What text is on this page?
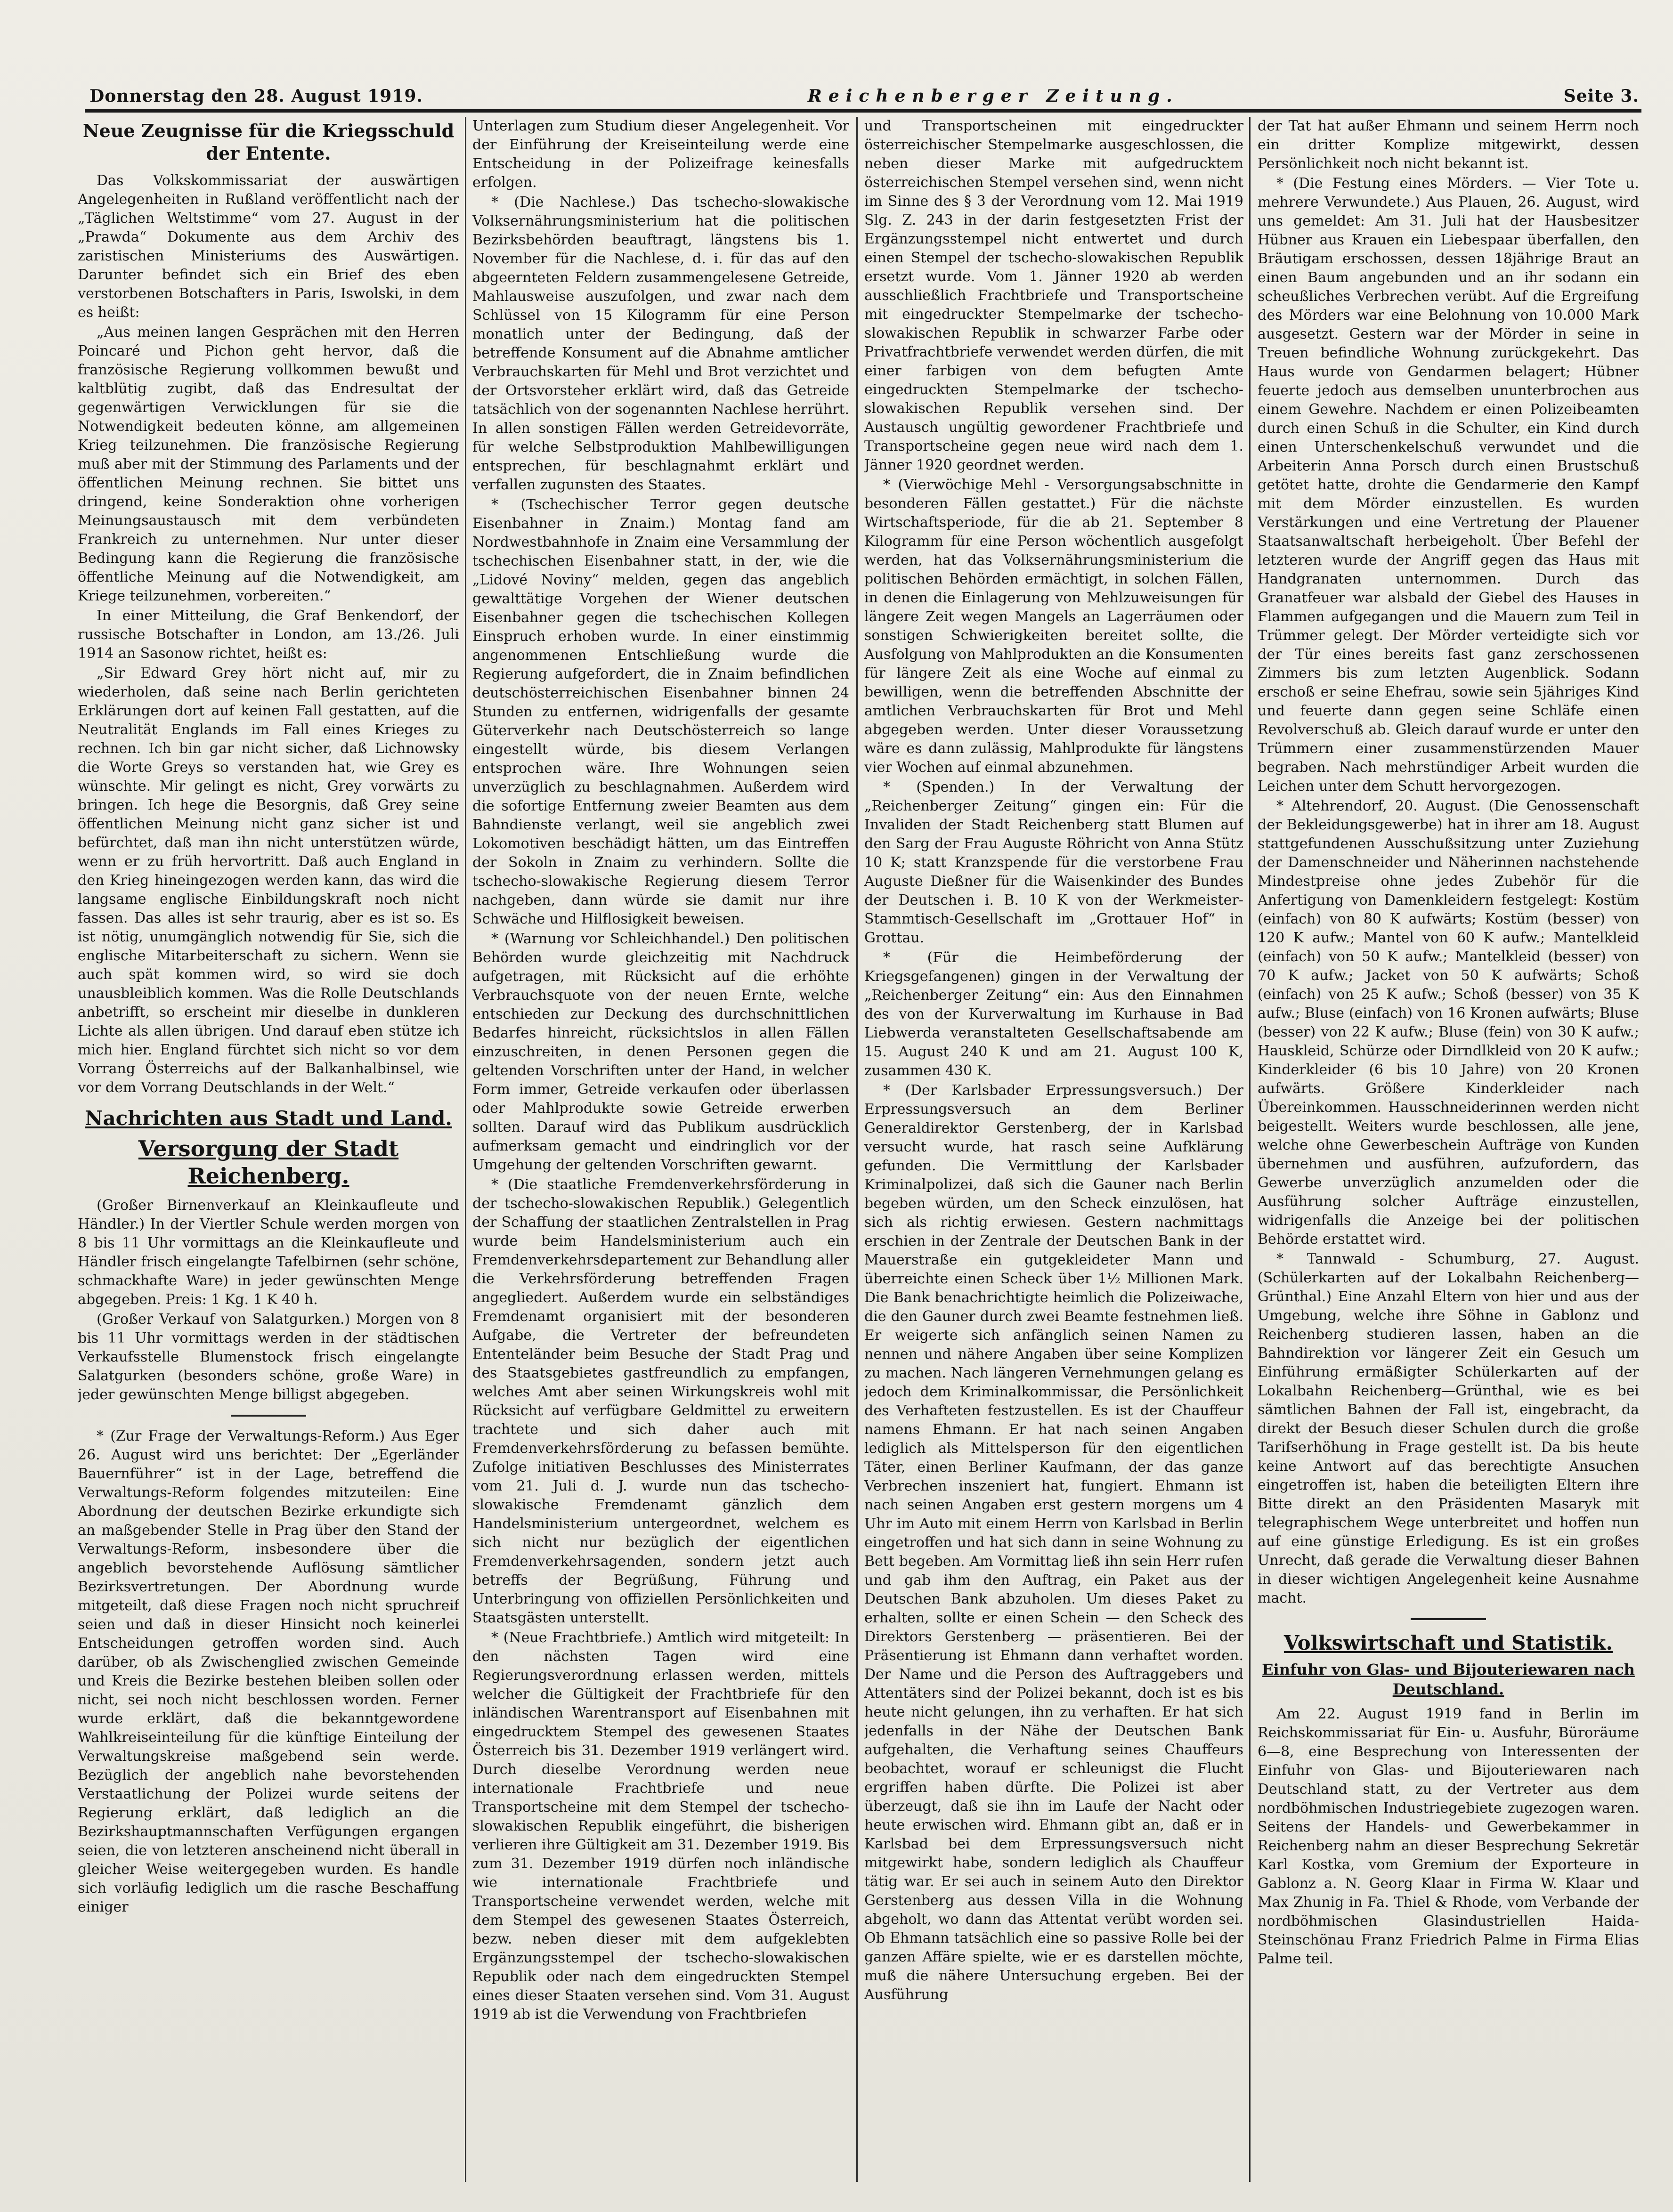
Donnerstag den 28. August 1919.	Reichenberger Zeitung.	Seite 3.
Neue Zeugnisse für die Kriegsschuld der Entente.

Das Volkskommissariat der auswärtigen Angelegenheiten in Rußland veröffentlicht nach der „Täglichen Weltstimme“ vom 27. August in der „Prawda“ Dokumente aus dem Archiv des zaristischen Ministeriums des Auswärtigen. Darunter befindet sich ein Brief des eben verstorbenen Botschafters in Paris, Iswolski, in dem es heißt:

„Aus meinen langen Gesprächen mit den Herren Poincaré und Pichon geht hervor, daß die französische Regierung vollkommen bewußt und kaltblütig zugibt, daß das Endresultat der gegenwärtigen Verwicklungen für sie die Notwendigkeit bedeuten könne, am allgemeinen Krieg teilzunehmen. Die französische Regierung muß aber mit der Stimmung des Parlaments und der öffentlichen Meinung rechnen. Sie bittet uns dringend, keine Sonderaktion ohne vorherigen Meinungsaustausch mit dem verbündeten Frankreich zu unternehmen. Nur unter dieser Bedingung kann die Regierung die französische öffentliche Meinung auf die Notwendigkeit, am Kriege teilzunehmen, vorbereiten.“

In einer Mitteilung, die Graf Benkendorf, der russische Botschafter in London, am 13./26. Juli 1914 an Sasonow richtet, heißt es:

„Sir Edward Grey hört nicht auf, mir zu wiederholen, daß seine nach Berlin gerichteten Erklärungen dort auf keinen Fall gestatten, auf die Neutralität Englands im Fall eines Krieges zu rechnen. Ich bin gar nicht sicher, daß Lichnowsky die Worte Greys so verstanden hat, wie Grey es wünschte. Mir gelingt es nicht, Grey vorwärts zu bringen. Ich hege die Besorgnis, daß Grey seine öffentlichen Meinung nicht ganz sicher ist und befürchtet, daß man ihn nicht unterstützen würde, wenn er zu früh hervortritt. Daß auch England in den Krieg hineingezogen werden kann, das wird die langsame englische Einbildungskraft noch nicht fassen. Das alles ist sehr traurig, aber es ist so. Es ist nötig, unumgänglich notwendig für Sie, sich die englische Mitarbeiterschaft zu sichern. Wenn sie auch spät kommen wird, so wird sie doch unausbleiblich kommen. Was die Rolle Deutschlands anbetrifft, so erscheint mir dieselbe in dunkleren Lichte als allen übrigen. Und darauf eben stütze ich mich hier. England fürchtet sich nicht so vor dem Vorrang Österreichs auf der Balkanhalbinsel, wie vor dem Vorrang Deutschlands in der Welt.“

Nachrichten aus Stadt und Land.
Versorgung der Stadt Reichenberg.

(Großer Birnenverkauf an Kleinkaufleute und Händler.) In der Viertler Schule werden morgen von 8 bis 11 Uhr vormittags an die Kleinkaufleute und Händler frisch eingelangte Tafelbirnen (sehr schöne, schmackhafte Ware) in jeder gewünschten Menge abgegeben. Preis: 1 Kg. 1 K 40 h.

(Großer Verkauf von Salatgurken.) Morgen von 8 bis 11 Uhr vormittags werden in der städtischen Verkaufsstelle Blumenstock frisch eingelangte Salatgurken (besonders schöne, große Ware) in jeder gewünschten Menge billigst abgegeben.

* (Zur Frage der Verwaltungs-Reform.) Aus Eger 26. August wird uns berichtet: Der „Egerländer Bauernführer“ ist in der Lage, betreffend die Verwaltungs-Reform folgendes mitzuteilen: Eine Abordnung der deutschen Bezirke erkundigte sich an maßgebender Stelle in Prag über den Stand der Verwaltungs-Reform, insbesondere über die angeblich bevorstehende Auflösung sämtlicher Bezirksvertretungen. Der Abordnung wurde mitgeteilt, daß diese Fragen noch nicht spruchreif seien und daß in dieser Hinsicht noch keinerlei Entscheidungen getroffen worden sind. Auch darüber, ob als Zwischenglied zwischen Gemeinde und Kreis die Bezirke bestehen bleiben sollen oder nicht, sei noch nicht beschlossen worden. Ferner wurde erklärt, daß die bekanntgewordene Wahlkreiseinteilung für die künftige Einteilung der Verwaltungskreise maßgebend sein werde. Bezüglich der angeblich nahe bevorstehenden Verstaatlichung der Polizei wurde seitens der Regierung erklärt, daß lediglich an die Bezirkshauptmannschaften Verfügungen ergangen seien, die von letzteren anscheinend nicht überall in gleicher Weise weitergegeben wurden. Es handle sich vorläufig lediglich um die rasche Beschaffung einiger

Unterlagen zum Studium dieser Angelegenheit. Vor der Einführung der Kreiseinteilung werde eine Entscheidung in der Polizeifrage keinesfalls erfolgen.

* (Die Nachlese.) Das tschecho-slowakische Volksernährungsministerium hat die politischen Bezirksbehörden beauftragt, längstens bis 1. November für die Nachlese, d. i. für das auf den abgeernteten Feldern zusammengelesene Getreide, Mahlausweise auszufolgen, und zwar nach dem Schlüssel von 15 Kilogramm für eine Person monatlich unter der Bedingung, daß der betreffende Konsument auf die Abnahme amtlicher Verbrauchskarten für Mehl und Brot verzichtet und der Ortsvorsteher erklärt wird, daß das Getreide tatsächlich von der sogenannten Nachlese herrührt. In allen sonstigen Fällen werden Getreidevorräte, für welche Selbstproduktion Mahlbewilligungen entsprechen, für beschlagnahmt erklärt und verfallen zugunsten des Staates.

* (Tschechischer Terror gegen deutsche Eisenbahner in Znaim.) Montag fand am Nordwestbahnhofe in Znaim eine Versammlung der tschechischen Eisenbahner statt, in der, wie die „Lidové Noviny“ melden, gegen das angeblich gewalttätige Vorgehen der Wiener deutschen Eisenbahner gegen die tschechischen Kollegen Einspruch erhoben wurde. In einer einstimmig angenommenen Entschließung wurde die Regierung aufgefordert, die in Znaim befindlichen deutschösterreichischen Eisenbahner binnen 24 Stunden zu entfernen, widrigenfalls der gesamte Güterverkehr nach Deutschösterreich so lange eingestellt würde, bis diesem Verlangen entsprochen wäre. Ihre Wohnungen seien unverzüglich zu beschlagnahmen. Außerdem wird die sofortige Entfernung zweier Beamten aus dem Bahndienste verlangt, weil sie angeblich zwei Lokomotiven beschädigt hätten, um das Eintreffen der Sokoln in Znaim zu verhindern. Sollte die tschecho-slowakische Regierung diesem Terror nachgeben, dann würde sie damit nur ihre Schwäche und Hilflosigkeit beweisen.

* (Warnung vor Schleichhandel.) Den politischen Behörden wurde gleichzeitig mit Nachdruck aufgetragen, mit Rücksicht auf die erhöhte Verbrauchsquote von der neuen Ernte, welche entschieden zur Deckung des durchschnittlichen Bedarfes hinreicht, rücksichtslos in allen Fällen einzuschreiten, in denen Personen gegen die geltenden Vorschriften unter der Hand, in welcher Form immer, Getreide verkaufen oder überlassen oder Mahlprodukte sowie Getreide erwerben sollten. Darauf wird das Publikum ausdrücklich aufmerksam gemacht und eindringlich vor der Umgehung der geltenden Vorschriften gewarnt.

* (Die staatliche Fremdenverkehrsförderung in der tschecho-slowakischen Republik.) Gelegentlich der Schaffung der staatlichen Zentralstellen in Prag wurde beim Handelsministerium auch ein Fremdenverkehrsdepartement zur Behandlung aller die Verkehrsförderung betreffenden Fragen angegliedert. Außerdem wurde ein selbständiges Fremdenamt organisiert mit der besonderen Aufgabe, die Vertreter der befreundeten Ententeländer beim Besuche der Stadt Prag und des Staatsgebietes gastfreundlich zu empfangen, welches Amt aber seinen Wirkungskreis wohl mit Rücksicht auf verfügbare Geldmittel zu erweitern trachtete und sich daher auch mit Fremdenverkehrsförderung zu befassen bemühte. Zufolge initiativen Beschlusses des Ministerrates vom 21. Juli d. J. wurde nun das tschecho-slowakische Fremdenamt gänzlich dem Handelsministerium untergeordnet, welchem es sich nicht nur bezüglich der eigentlichen Fremdenverkehrsagenden, sondern jetzt auch betreffs der Begrüßung, Führung und Unterbringung von offiziellen Persönlichkeiten und Staatsgästen unterstellt.

* (Neue Frachtbriefe.) Amtlich wird mitgeteilt: In den nächsten Tagen wird eine Regierungsverordnung erlassen werden, mittels welcher die Gültigkeit der Frachtbriefe für den inländischen Warentransport auf Eisenbahnen mit eingedrucktem Stempel des gewesenen Staates Österreich bis 31. Dezember 1919 verlängert wird. Durch dieselbe Verordnung werden neue internationale Frachtbriefe und neue Transportscheine mit dem Stempel der tschecho-slowakischen Republik eingeführt, die bisherigen verlieren ihre Gültigkeit am 31. Dezember 1919. Bis zum 31. Dezember 1919 dürfen noch inländische wie internationale Frachtbriefe und Transportscheine verwendet werden, welche mit dem Stempel des gewesenen Staates Österreich, bezw. neben dieser mit dem aufgeklebten Ergänzungsstempel der tschecho-slowakischen Republik oder nach dem eingedruckten Stempel eines dieser Staaten versehen sind. Vom 31. August 1919 ab ist die Verwendung von Frachtbriefen

und Transportscheinen mit eingedruckter österreichischer Stempelmarke ausgeschlossen, die neben dieser Marke mit aufgedrucktem österreichischen Stempel versehen sind, wenn nicht im Sinne des § 3 der Verordnung vom 12. Mai 1919 Slg. Z. 243 in der darin festgesetzten Frist der Ergänzungsstempel nicht entwertet und durch einen Stempel der tschecho-slowakischen Republik ersetzt wurde. Vom 1. Jänner 1920 ab werden ausschließlich Frachtbriefe und Transportscheine mit eingedruckter Stempelmarke der tschecho-slowakischen Republik in schwarzer Farbe oder Privatfrachtbriefe verwendet werden dürfen, die mit einer farbigen von dem befugten Amte eingedruckten Stempelmarke der tschecho-slowakischen Republik versehen sind. Der Austausch ungültig gewordener Frachtbriefe und Transportscheine gegen neue wird nach dem 1. Jänner 1920 geordnet werden.

* (Vierwöchige Mehl - Versorgungsabschnitte in besonderen Fällen gestattet.) Für die nächste Wirtschaftsperiode, für die ab 21. September 8 Kilogramm für eine Person wöchentlich ausgefolgt werden, hat das Volksernährungsministerium die politischen Behörden ermächtigt, in solchen Fällen, in denen die Einlagerung von Mehlzuweisungen für längere Zeit wegen Mangels an Lagerräumen oder sonstigen Schwierigkeiten bereitet sollte, die Ausfolgung von Mahlprodukten an die Konsumenten für längere Zeit als eine Woche auf einmal zu bewilligen, wenn die betreffenden Abschnitte der amtlichen Verbrauchskarten für Brot und Mehl abgegeben werden. Unter dieser Voraussetzung wäre es dann zulässig, Mahlprodukte für längstens vier Wochen auf einmal abzunehmen.

* (Spenden.) In der Verwaltung der „Reichenberger Zeitung“ gingen ein: Für die Invaliden der Stadt Reichenberg statt Blumen auf den Sarg der Frau Auguste Röhricht von Anna Stütz 10 K; statt Kranzspende für die verstorbene Frau Auguste Dießner für die Waisenkinder des Bundes der Deutschen i. B. 10 K von der Werkmeister-Stammtisch-Gesellschaft im „Grottauer Hof“ in Grottau.

* (Für die Heimbeförderung der Kriegsgefangenen) gingen in der Verwaltung der „Reichenberger Zeitung“ ein: Aus den Einnahmen des von der Kurverwaltung im Kurhause in Bad Liebwerda veranstalteten Gesellschaftsabende am 15. August 240 K und am 21. August 100 K, zusammen 430 K.

* (Der Karlsbader Erpressungsversuch.) Der Erpressungsversuch an dem Berliner Generaldirektor Gerstenberg, der in Karlsbad versucht wurde, hat rasch seine Aufklärung gefunden. Die Vermittlung der Karlsbader Kriminalpolizei, daß sich die Gauner nach Berlin begeben würden, um den Scheck einzulösen, hat sich als richtig erwiesen. Gestern nachmittags erschien in der Zentrale der Deutschen Bank in der Mauerstraße ein gutgekleideter Mann und überreichte einen Scheck über 1½ Millionen Mark. Die Bank benachrichtigte heimlich die Polizeiwache, die den Gauner durch zwei Beamte festnehmen ließ. Er weigerte sich anfänglich seinen Namen zu nennen und nähere Angaben über seine Komplizen zu machen. Nach längeren Vernehmungen gelang es jedoch dem Kriminalkommissar, die Persönlichkeit des Verhafteten festzustellen. Es ist der Chauffeur namens Ehmann. Er hat nach seinen Angaben lediglich als Mittelsperson für den eigentlichen Täter, einen Berliner Kaufmann, der das ganze Verbrechen inszeniert hat, fungiert. Ehmann ist nach seinen Angaben erst gestern morgens um 4 Uhr im Auto mit einem Herrn von Karlsbad in Berlin eingetroffen und hat sich dann in seine Wohnung zu Bett begeben. Am Vormittag ließ ihn sein Herr rufen und gab ihm den Auftrag, ein Paket aus der Deutschen Bank abzuholen. Um dieses Paket zu erhalten, sollte er einen Schein — den Scheck des Direktors Gerstenberg — präsentieren. Bei der Präsentierung ist Ehmann dann verhaftet worden. Der Name und die Person des Auftraggebers und Attentäters sind der Polizei bekannt, doch ist es bis heute nicht gelungen, ihn zu verhaften. Er hat sich jedenfalls in der Nähe der Deutschen Bank aufgehalten, die Verhaftung seines Chauffeurs beobachtet, worauf er schleunigst die Flucht ergriffen haben dürfte. Die Polizei ist aber überzeugt, daß sie ihn im Laufe der Nacht oder heute erwischen wird. Ehmann gibt an, daß er in Karlsbad bei dem Erpressungsversuch nicht mitgewirkt habe, sondern lediglich als Chauffeur tätig war. Er sei auch in seinem Auto den Direktor Gerstenberg aus dessen Villa in die Wohnung abgeholt, wo dann das Attentat verübt worden sei. Ob Ehmann tatsächlich eine so passive Rolle bei der ganzen Affäre spielte, wie er es darstellen möchte, muß die nähere Untersuchung ergeben. Bei der Ausführung

der Tat hat außer Ehmann und seinem Herrn noch ein dritter Komplize mitgewirkt, dessen Persönlichkeit noch nicht bekannt ist.

* (Die Festung eines Mörders. — Vier Tote u. mehrere Verwundete.) Aus Plauen, 26. August, wird uns gemeldet: Am 31. Juli hat der Hausbesitzer Hübner aus Krauen ein Liebespaar überfallen, den Bräutigam erschossen, dessen 18jährige Braut an einen Baum angebunden und an ihr sodann ein scheußliches Verbrechen verübt. Auf die Ergreifung des Mörders war eine Belohnung von 10.000 Mark ausgesetzt. Gestern war der Mörder in seine in Treuen befindliche Wohnung zurückgekehrt. Das Haus wurde von Gendarmen belagert; Hübner feuerte jedoch aus demselben ununterbrochen aus einem Gewehre. Nachdem er einen Polizeibeamten durch einen Schuß in die Schulter, ein Kind durch einen Unterschenkelschuß verwundet und die Arbeiterin Anna Porsch durch einen Brustschuß getötet hatte, drohte die Gendarmerie den Kampf mit dem Mörder einzustellen. Es wurden Verstärkungen und eine Vertretung der Plauener Staatsanwaltschaft herbeigeholt. Über Befehl der letzteren wurde der Angriff gegen das Haus mit Handgranaten unternommen. Durch das Granatfeuer war alsbald der Giebel des Hauses in Flammen aufgegangen und die Mauern zum Teil in Trümmer gelegt. Der Mörder verteidigte sich vor der Tür eines bereits fast ganz zerschossenen Zimmers bis zum letzten Augenblick. Sodann erschoß er seine Ehefrau, sowie sein 5jähriges Kind und feuerte dann gegen seine Schläfe einen Revolverschuß ab. Gleich darauf wurde er unter den Trümmern einer zusammenstürzenden Mauer begraben. Nach mehrstündiger Arbeit wurden die Leichen unter dem Schutt hervorgezogen.

* Altehrendorf, 20. August. (Die Genossenschaft der Bekleidungsgewerbe) hat in ihrer am 18. August stattgefundenen Ausschußsitzung unter Zuziehung der Damenschneider und Näherinnen nachstehende Mindestpreise ohne jedes Zubehör für die Anfertigung von Damenkleidern festgelegt: Kostüm (einfach) von 80 K aufwärts; Kostüm (besser) von 120 K aufw.; Mantel von 60 K aufw.; Mantelkleid (einfach) von 50 K aufw.; Mantelkleid (besser) von 70 K aufw.; Jacket von 50 K aufwärts; Schoß (einfach) von 25 K aufw.; Schoß (besser) von 35 K aufw.; Bluse (einfach) von 16 Kronen aufwärts; Bluse (besser) von 22 K aufw.; Bluse (fein) von 30 K aufw.; Hauskleid, Schürze oder Dirndlkleid von 20 K aufw.; Kinderkleider (6 bis 10 Jahre) von 20 Kronen aufwärts. Größere Kinderkleider nach Übereinkommen. Hausschneiderinnen werden nicht beigestellt. Weiters wurde beschlossen, alle jene, welche ohne Gewerbeschein Aufträge von Kunden übernehmen und ausführen, aufzufordern, das Gewerbe unverzüglich anzumelden oder die Ausführung solcher Aufträge einzustellen, widrigenfalls die Anzeige bei der politischen Behörde erstattet wird.

* Tannwald - Schumburg, 27. August. (Schülerkarten auf der Lokalbahn Reichenberg—Grünthal.) Eine Anzahl Eltern von hier und aus der Umgebung, welche ihre Söhne in Gablonz und Reichenberg studieren lassen, haben an die Bahndirektion vor längerer Zeit ein Gesuch um Einführung ermäßigter Schülerkarten auf der Lokalbahn Reichenberg—Grünthal, wie es bei sämtlichen Bahnen der Fall ist, eingebracht, da direkt der Besuch dieser Schulen durch die große Tarifserhöhung in Frage gestellt ist. Da bis heute keine Antwort auf das berechtigte Ansuchen eingetroffen ist, haben die beteiligten Eltern ihre Bitte direkt an den Präsidenten Masaryk mit telegraphischem Wege unterbreitet und hoffen nun auf eine günstige Erledigung. Es ist ein großes Unrecht, daß gerade die Verwaltung dieser Bahnen in dieser wichtigen Angelegenheit keine Ausnahme macht.

Volkswirtschaft und Statistik.
Einfuhr von Glas- und Bijouteriewaren nach Deutschland.

Am 22. August 1919 fand in Berlin im Reichskommissariat für Ein- u. Ausfuhr, Büroräume 6—8, eine Besprechung von Interessenten der Einfuhr von Glas- und Bijouteriewaren nach Deutschland statt, zu der Vertreter aus dem nordböhmischen Industriegebiete zugezogen waren. Seitens der Handels- und Gewerbekammer in Reichenberg nahm an dieser Besprechung Sekretär Karl Kostka, vom Gremium der Exporteure in Gablonz a. N. Georg Klaar in Firma W. Klaar und Max Zhunig in Fa. Thiel & Rhode, vom Verbande der nordböhmischen Glasindustriellen Haida-Steinschönau Franz Friedrich Palme in Firma Elias Palme teil.
